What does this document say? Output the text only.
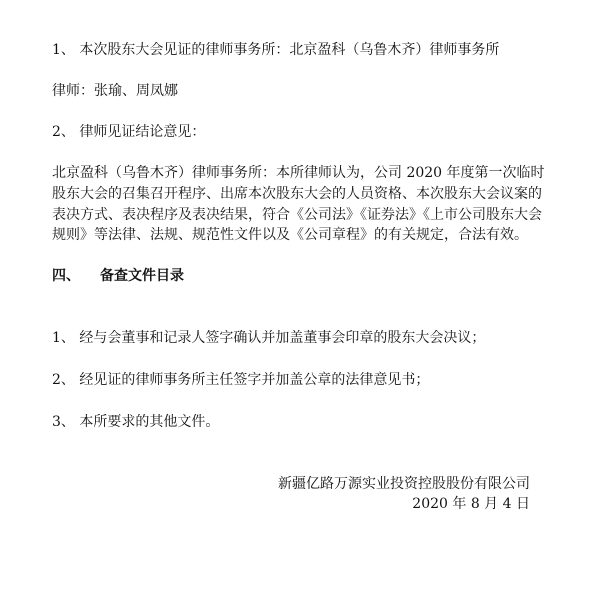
1、 本次股东大会见证的律师事务所：北京盈科（乌鲁木齐）律师事务所

律师：张瑜、周凤娜

2、 律师见证结论意见：

北京盈科（乌鲁木齐）律师事务所：本所律师认为，公司 2020 年度第一次临时

股东大会的召集召开程序、出席本次股东大会的人员资格、本次股东大会议案的

表决方式、表决程序及表决结果，符合《公司法》《证券法》《上市公司股东大会

规则》等法律、法规、规范性文件以及《公司章程》的有关规定，合法有效。

四、 备查文件目录

1、 经与会董事和记录人签字确认并加盖董事会印章的股东大会决议；

2、 经见证的律师事务所主任签字并加盖公章的法律意见书；

3、 本所要求的其他文件。

新疆亿路万源实业投资控股股份有限公司

2020 年 8 月 4 日
